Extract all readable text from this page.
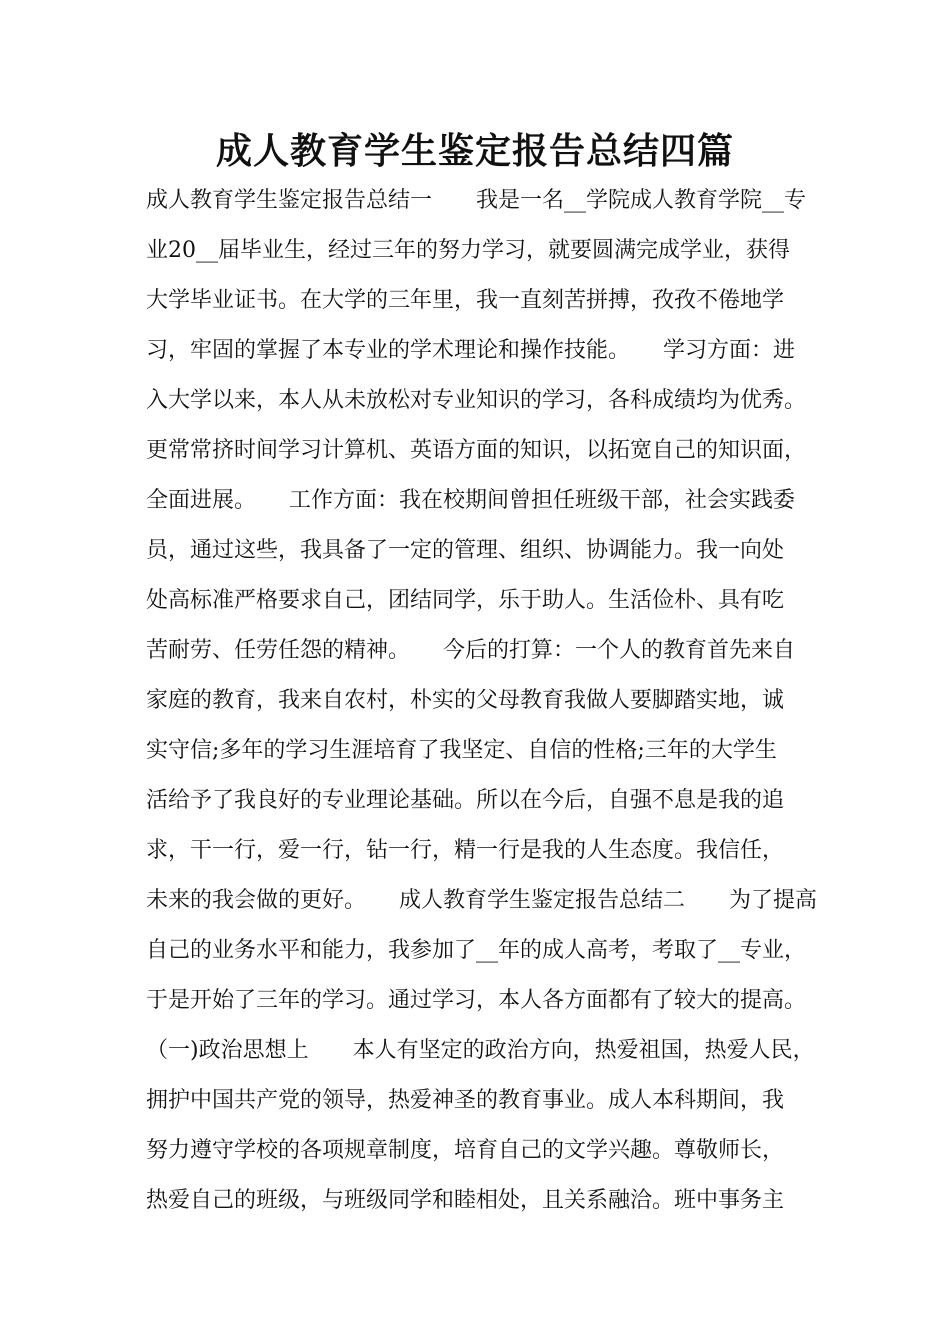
成人教育学生鉴定报告总结四篇
成人教育学生鉴定报告总结一　　我是一名__学院成人教育学院__专
业20__届毕业生，经过三年的努力学习，就要圆满完成学业，获得
大学毕业证书。在大学的三年里，我一直刻苦拼搏，孜孜不倦地学
习，牢固的掌握了本专业的学术理论和操作技能。　　学习方面：进
入大学以来，本人从未放松对专业知识的学习，各科成绩均为优秀。
更常常挤时间学习计算机、英语方面的知识，以拓宽自己的知识面，
全面进展。　　工作方面：我在校期间曾担任班级干部，社会实践委
员，通过这些，我具备了一定的管理、组织、协调能力。我一向处
处高标准严格要求自己，团结同学，乐于助人。生活俭朴、具有吃
苦耐劳、任劳任怨的精神。　　今后的打算：一个人的教育首先来自
家庭的教育，我来自农村，朴实的父母教育我做人要脚踏实地，诚
实守信;多年的学习生涯培育了我坚定、自信的性格;三年的大学生
活给予了我良好的专业理论基础。所以在今后，自强不息是我的追
求，干一行，爱一行，钻一行，精一行是我的人生态度。我信任，
未来的我会做的更好。　　成人教育学生鉴定报告总结二　　为了提高
自己的业务水平和能力，我参加了__年的成人高考，考取了__专业，
于是开始了三年的学习。通过学习，本人各方面都有了较大的提高。
（一)政治思想上　　本人有坚定的政治方向，热爱祖国，热爱人民，
拥护中国共产党的领导，热爱神圣的教育事业。成人本科期间，我
努力遵守学校的各项规章制度，培育自己的文学兴趣。尊敬师长，
热爱自己的班级，与班级同学和睦相处，且关系融洽。班中事务主
